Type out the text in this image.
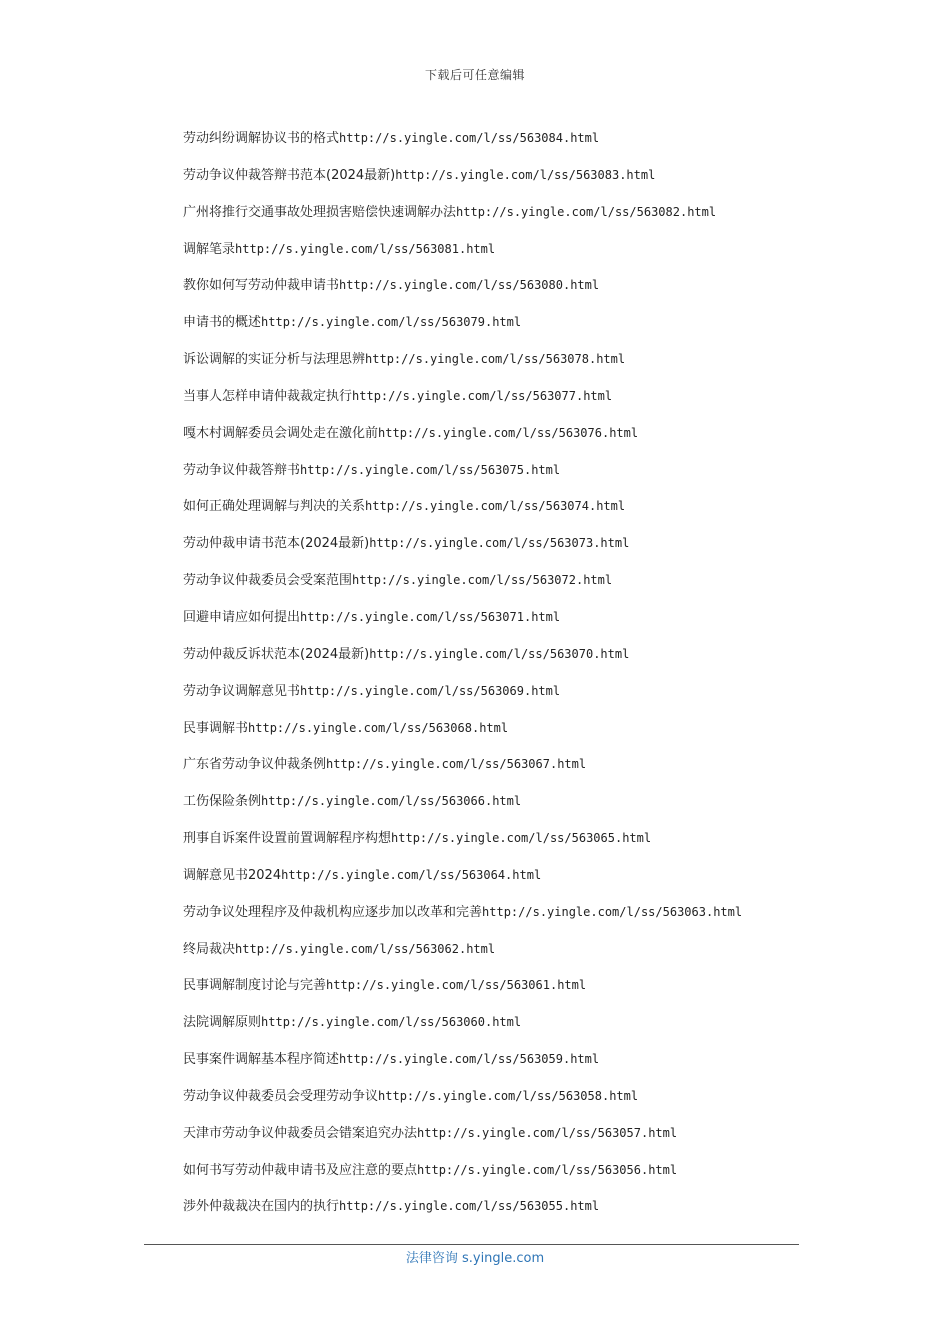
下载后可任意编辑
劳动纠纷调解协议书的格式http://s.yingle.com/l/ss/563084.html
劳动争议仲裁答辩书范本(2024最新)http://s.yingle.com/l/ss/563083.html
广州将推行交通事故处理损害赔偿快速调解办法http://s.yingle.com/l/ss/563082.html
调解笔录http://s.yingle.com/l/ss/563081.html
教你如何写劳动仲裁申请书http://s.yingle.com/l/ss/563080.html
申请书的概述http://s.yingle.com/l/ss/563079.html
诉讼调解的实证分析与法理思辨http://s.yingle.com/l/ss/563078.html
当事人怎样申请仲裁裁定执行http://s.yingle.com/l/ss/563077.html
嘎木村调解委员会调处走在激化前http://s.yingle.com/l/ss/563076.html
劳动争议仲裁答辩书http://s.yingle.com/l/ss/563075.html
如何正确处理调解与判决的关系http://s.yingle.com/l/ss/563074.html
劳动仲裁申请书范本(2024最新)http://s.yingle.com/l/ss/563073.html
劳动争议仲裁委员会受案范围http://s.yingle.com/l/ss/563072.html
回避申请应如何提出http://s.yingle.com/l/ss/563071.html
劳动仲裁反诉状范本(2024最新)http://s.yingle.com/l/ss/563070.html
劳动争议调解意见书http://s.yingle.com/l/ss/563069.html
民事调解书http://s.yingle.com/l/ss/563068.html
广东省劳动争议仲裁条例http://s.yingle.com/l/ss/563067.html
工伤保险条例http://s.yingle.com/l/ss/563066.html
刑事自诉案件设置前置调解程序构想http://s.yingle.com/l/ss/563065.html
调解意见书2024http://s.yingle.com/l/ss/563064.html
劳动争议处理程序及仲裁机构应逐步加以改革和完善http://s.yingle.com/l/ss/563063.html
终局裁决http://s.yingle.com/l/ss/563062.html
民事调解制度讨论与完善http://s.yingle.com/l/ss/563061.html
法院调解原则http://s.yingle.com/l/ss/563060.html
民事案件调解基本程序简述http://s.yingle.com/l/ss/563059.html
劳动争议仲裁委员会受理劳动争议http://s.yingle.com/l/ss/563058.html
天津市劳动争议仲裁委员会错案追究办法http://s.yingle.com/l/ss/563057.html
如何书写劳动仲裁申请书及应注意的要点http://s.yingle.com/l/ss/563056.html
涉外仲裁裁决在国内的执行http://s.yingle.com/l/ss/563055.html
法律咨询 s.yingle.com
